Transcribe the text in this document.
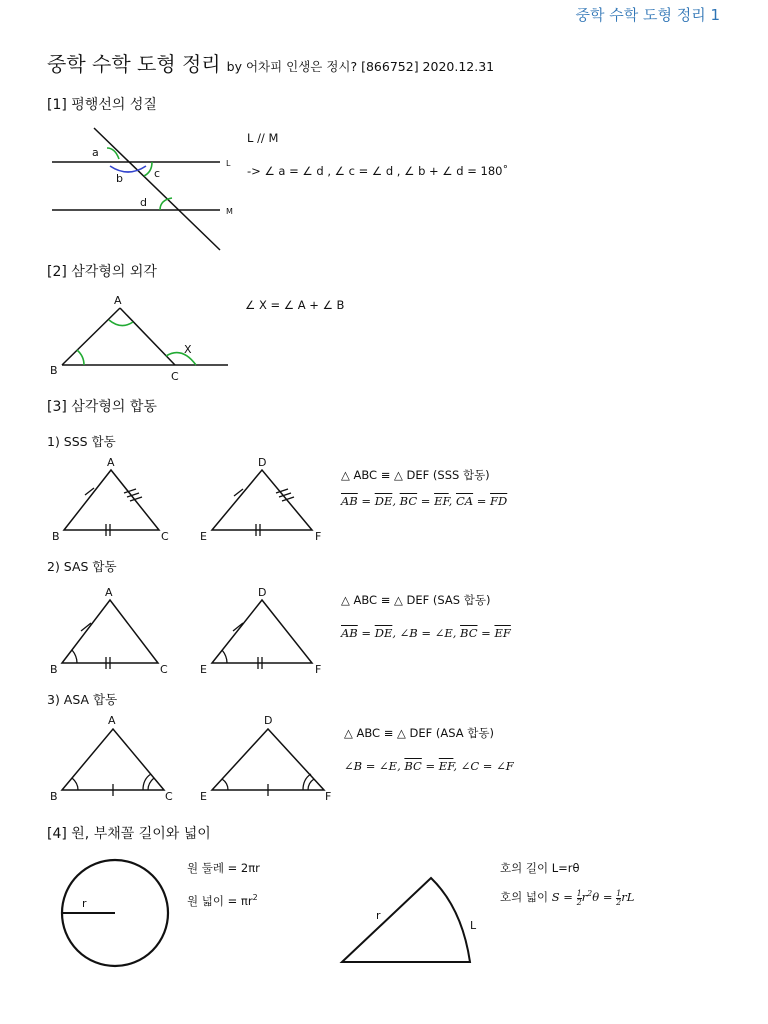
중학 수학 도형 정리 1
중학 수학 도형 정리 by 어차피 인생은 정시? [866752] 2020.12.31
[1] 평행선의 성질
a
b	c
d
L
M
L // M
-> ∠ a = ∠ d , ∠ c = ∠ d , ∠ b + ∠ d = 180˚
[2] 삼각형의 외각
A
B	C
X
∠ X = ∠ A + ∠ B
[3] 삼각형의 합동
1) SSS 합동
A
B	C
D
E	F
△ ABC ≡ △ DEF (SSS 합동)
$\overline{AB} = \overline{DE}$, $\overline{BC} = \overline{EF}$, $\overline{CA} = \overline{FD}$
2) SAS 합동
A
B	C
D
E	F
△ ABC ≡ △ DEF (SAS 합동)
$\overline{AB} = \overline{DE}$, ∠B = ∠E, $\overline{BC} = \overline{EF}$
3) ASA 합동
A
B	C
D
E	F
△ ABC ≡ △ DEF (ASA 합동)
∠B = ∠E, $\overline{BC} = \overline{EF}$, ∠C = ∠F
[4] 원, 부채꼴 길이와 넓이
r
원 둘레 = 2πr
원 넓이 = $\pi r^2$
r
L
호의 길이 L=rθ
호의 넓이 $S = \frac{1}{2} r^2\theta = \frac{1}{2}$ rL
